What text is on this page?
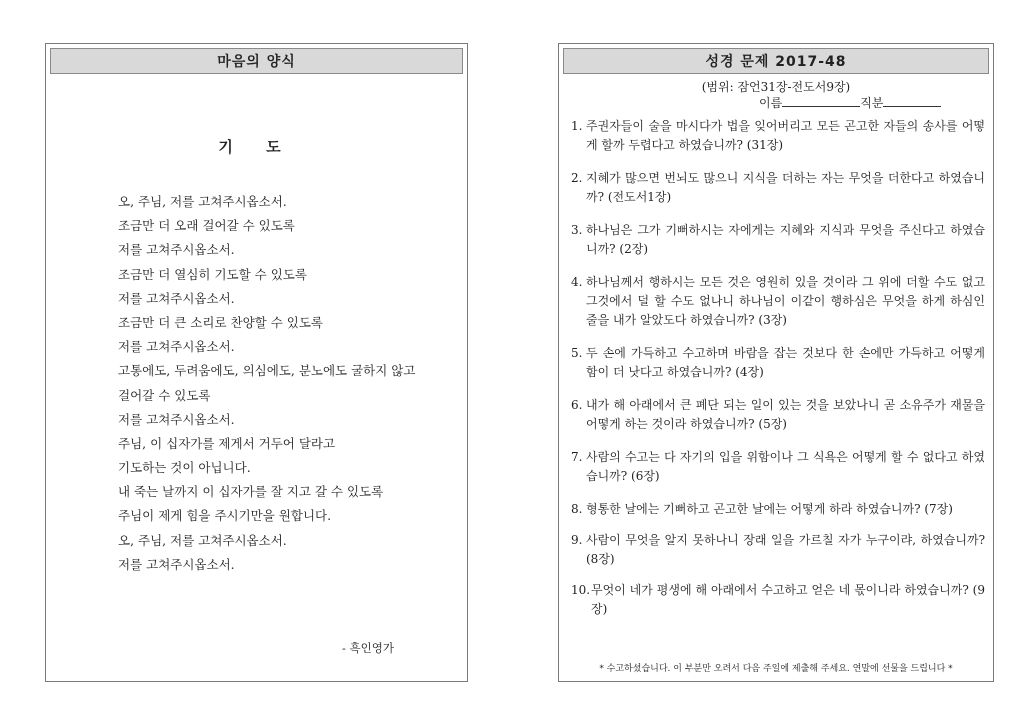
마음의 양식
기 도
오, 주님, 저를 고쳐주시옵소서.
조금만 더 오래 걸어갈 수 있도록
저를 고쳐주시옵소서.
조금만 더 열심히 기도할 수 있도록
저를 고쳐주시옵소서.
조금만 더 큰 소리로 찬양할 수 있도록
저를 고쳐주시옵소서.
고통에도, 두려움에도, 의심에도, 분노에도 굴하지 않고
걸어갈 수 있도록
저를 고쳐주시옵소서.
주님, 이 십자가를 제게서 거두어 달라고
기도하는 것이 아닙니다.
내 죽는 날까지 이 십자가를 잘 지고 갈 수 있도록
주님이 제게 힘을 주시기만을 원합니다.
오, 주님, 저를 고쳐주시옵소서.
저를 고쳐주시옵소서.
- 흑인영가
성경 문제 2017-48
(범위: 잠언31장-전도서9장)
이름	직분
1. 주권자들이 술을 마시다가 법을 잊어버리고 모든 곤고한 자들의 송사를 어떻게 할까 두렵다고 하였습니까? (31장)
2. 지혜가 많으면 번뇌도 많으니 지식을 더하는 자는 무엇을 더한다고 하였습니까? (전도서1장)
3. 하나님은 그가 기뻐하시는 자에게는 지혜와 지식과 무엇을 주신다고 하였습니까? (2장)
4. 하나님께서 행하시는 모든 것은 영원히 있을 것이라 그 위에 더할 수도 없고 그것에서 덜 할 수도 없나니 하나님이 이같이 행하심은 무엇을 하게 하심인 줄을 내가 알았도다 하였습니까? (3장)
5. 두 손에 가득하고 수고하며 바람을 잡는 것보다 한 손에만 가득하고 어떻게 함이 더 낫다고 하였습니까? (4장)
6. 내가 해 아래에서 큰 폐단 되는 일이 있는 것을 보았나니 곧 소유주가 재물을 어떻게 하는 것이라 하였습니까? (5장)
7. 사람의 수고는 다 자기의 입을 위함이나 그 식욕은 어떻게 할 수 없다고 하였습니까? (6장)
8. 형통한 날에는 기뻐하고 곤고한 날에는 어떻게 하라 하였습니까? (7장)
9. 사람이 무엇을 알지 못하나니 장래 일을 가르칠 자가 누구이랴, 하였습니까? (8장)
10. 무엇이 네가 평생에 해 아래에서 수고하고 얻은 네 몫이니라 하였습니까? (9장)
* 수고하셨습니다. 이 부분만 오려서 다음 주일에 제출해 주세요. 연말에 선물을 드립니다 *
